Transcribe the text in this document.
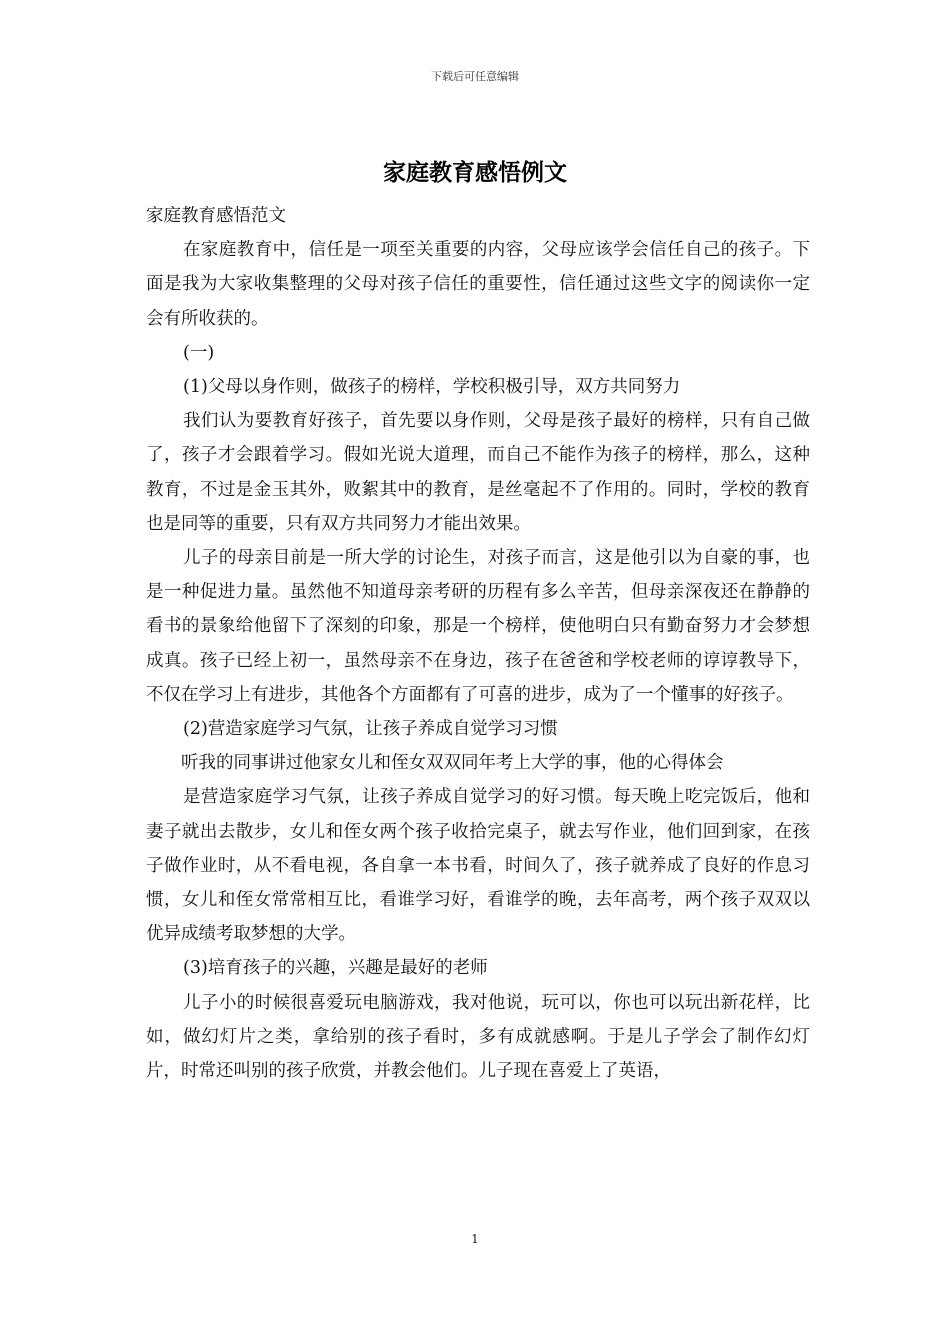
下载后可任意编辑
家庭教育感悟例文

家庭教育感悟范文

在家庭教育中，信任是一项至关重要的内容，父母应该学会信任自己的孩子。下面是我为大家收集整理的父母对孩子信任的重要性，信任通过这些文字的阅读你一定会有所收获的。

(一)

(1)父母以身作则，做孩子的榜样，学校积极引导，双方共同努力

我们认为要教育好孩子，首先要以身作则，父母是孩子最好的榜样，只有自己做了，孩子才会跟着学习。假如光说大道理，而自己不能作为孩子的榜样，那么，这种教育，不过是金玉其外，败絮其中的教育，是丝毫起不了作用的。同时，学校的教育也是同等的重要，只有双方共同努力才能出效果。

儿子的母亲目前是一所大学的讨论生，对孩子而言，这是他引以为自豪的事，也是一种促进力量。虽然他不知道母亲考研的历程有多么辛苦，但母亲深夜还在静静的看书的景象给他留下了深刻的印象，那是一个榜样，使他明白只有勤奋努力才会梦想成真。孩子已经上初一，虽然母亲不在身边，孩子在爸爸和学校老师的谆谆教导下，不仅在学习上有进步，其他各个方面都有了可喜的进步，成为了一个懂事的好孩子。

(2)营造家庭学习气氛，让孩子养成自觉学习习惯

听我的同事讲过他家女儿和侄女双双同年考上大学的事，他的心得体会

是营造家庭学习气氛，让孩子养成自觉学习的好习惯。每天晚上吃完饭后，他和妻子就出去散步，女儿和侄女两个孩子收拾完桌子，就去写作业，他们回到家，在孩子做作业时，从不看电视，各自拿一本书看，时间久了，孩子就养成了良好的作息习惯，女儿和侄女常常相互比，看谁学习好，看谁学的晚，去年高考，两个孩子双双以优异成绩考取梦想的大学。

(3)培育孩子的兴趣，兴趣是最好的老师

儿子小的时候很喜爱玩电脑游戏，我对他说，玩可以，你也可以玩出新花样，比如，做幻灯片之类，拿给别的孩子看时，多有成就感啊。于是儿子学会了制作幻灯片，时常还叫别的孩子欣赏，并教会他们。儿子现在喜爱上了英语，

1
